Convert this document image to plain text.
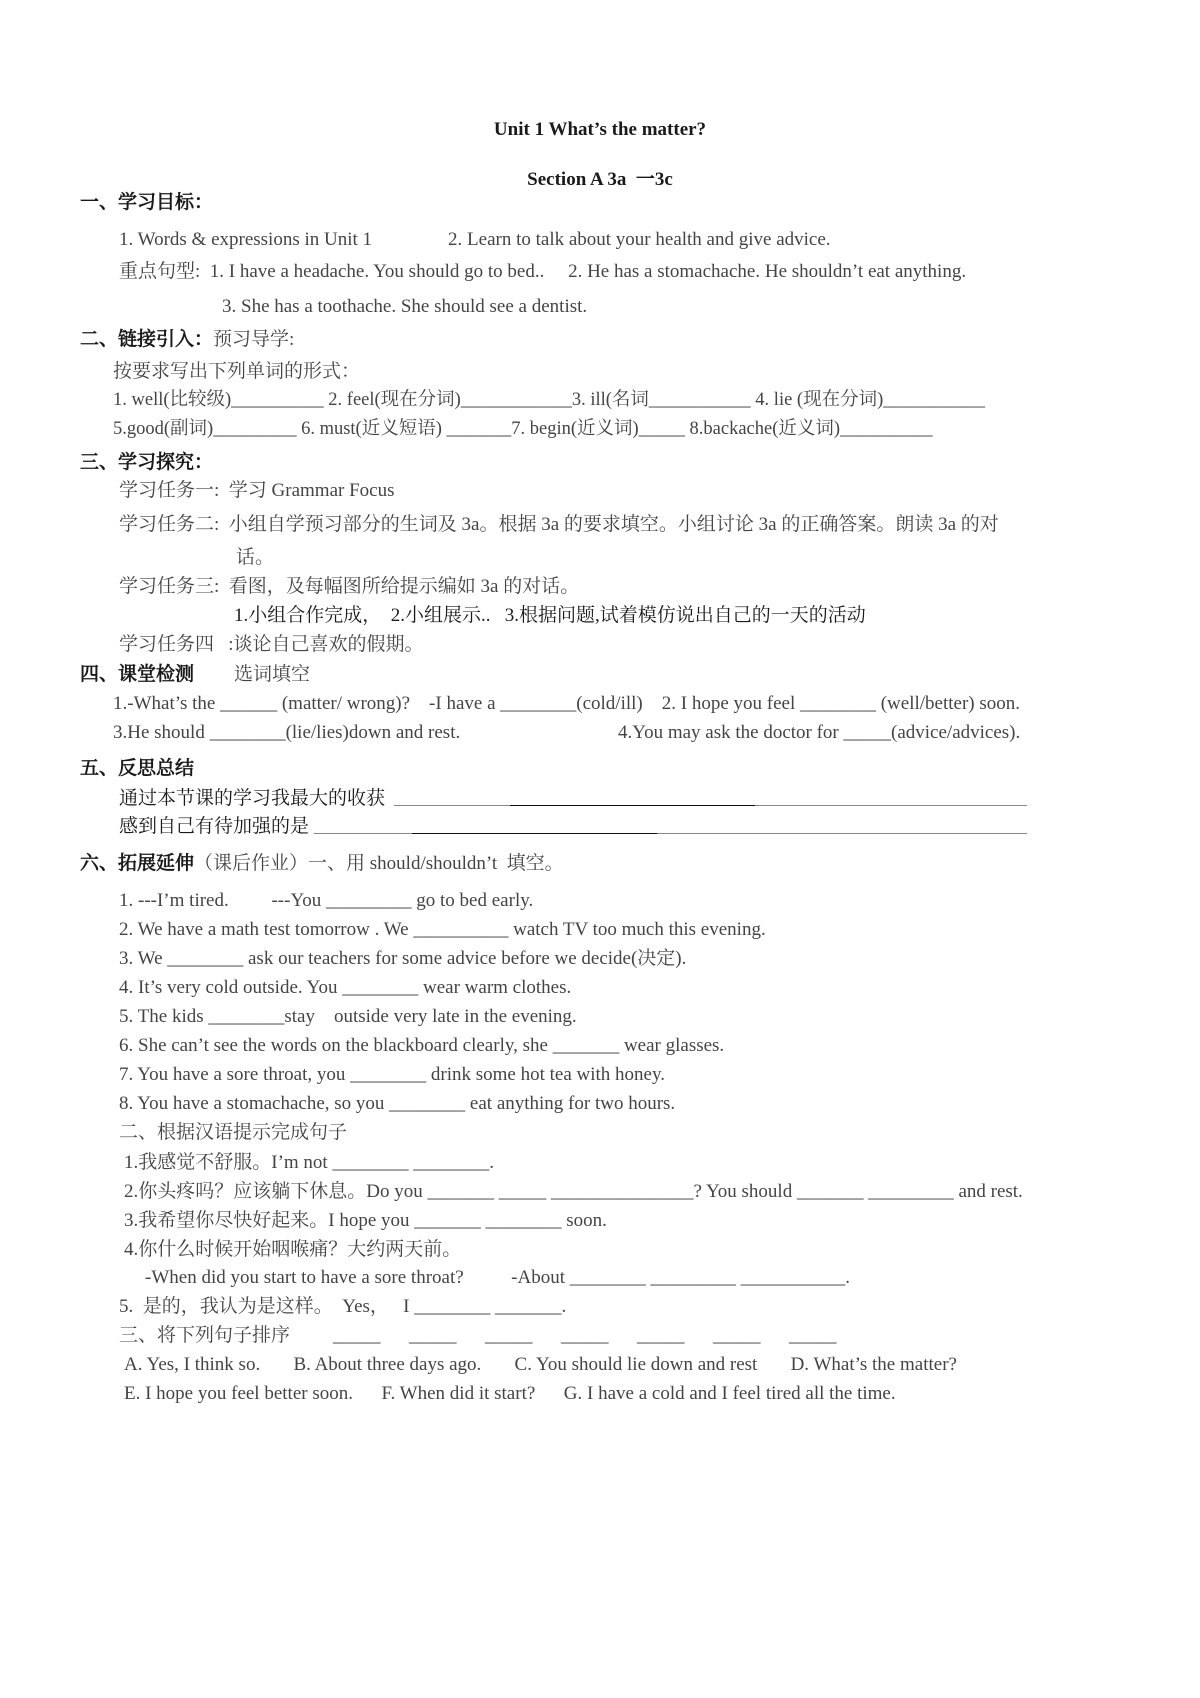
Unit 1 What’s the matter?
Section A 3a  一3c
一、学习目标：
1. Words & expressions in Unit 1                2. Learn to talk about your health and give advice.
重点句型:  1. I have a headache. You should go to bed..     2. He has a stomachache. He shouldn’t eat anything.
3. She has a toothache. She should see a dentist.
二、链接引入：预习导学:
按要求写出下列单词的形式：
1. well(比较级)__________ 2. feel(现在分词)____________3. ill(名词___________ 4. lie (现在分词)___________
5.good(副词)_________ 6. must(近义短语) _______7. begin(近义词)_____ 8.backache(近义词)__________
三、学习探究：
学习任务一:  学习 Grammar Focus
学习任务二:  小组自学预习部分的生词及 3a。根据 3a 的要求填空。小组讨论 3a 的正确答案。朗读 3a 的对
话。
学习任务三:  看图，及每幅图所给提示编如 3a 的对话。
1.小组合作完成，  2.小组展示..   3.根据问题,试着模仿说出自己的一天的活动
学习任务四   :谈论自己喜欢的假期。
四、课堂检测 选词填空
1.-What’s the ______ (matter/ wrong)?    -I have a ________(cold/ill)    2. I hope you feel ________ (well/better) soon.
3.He should ________(lie/lies)down and rest.	4.You may ask the doctor for _____(advice/advices).
五、反思总结
通过本节课的学习我最大的收获
感到自己有待加强的是
六、拓展延伸（课后作业）一、用 should/shouldn’t  填空。
1. ---I’m tired.         ---You _________ go to bed early.
2. We have a math test tomorrow . We __________ watch TV too much this evening.
3. We ________ ask our teachers for some advice before we decide(决定).
4. It’s very cold outside. You ________ wear warm clothes.
5. The kids ________stay    outside very late in the evening.
6. She can’t see the words on the blackboard clearly, she _______ wear glasses.
7. You have a sore throat, you ________ drink some hot tea with honey.
8. You have a stomachache, so you ________ eat anything for two hours.
二、根据汉语提示完成句子
1.我感觉不舒服。I’m not ________ ________.
2.你头疼吗？应该躺下休息。Do you _______ _____ _______________? You should _______ _________ and rest.
3.我希望你尽快好起来。I hope you _______ ________ soon.
4.你什么时候开始咽喉痛？大约两天前。
-When did you start to have a sore throat?          -About ________ _________ ___________.
5.  是的，我认为是这样。  Yes，   I ________ _______.
三、将下列句子排序 _____      _____      _____      _____      _____      _____      _____
A. Yes, I think so.       B. About three days ago.       C. You should lie down and rest       D. What’s the matter?
E. I hope you feel better soon.      F. When did it start?      G. I have a cold and I feel tired all the time.
